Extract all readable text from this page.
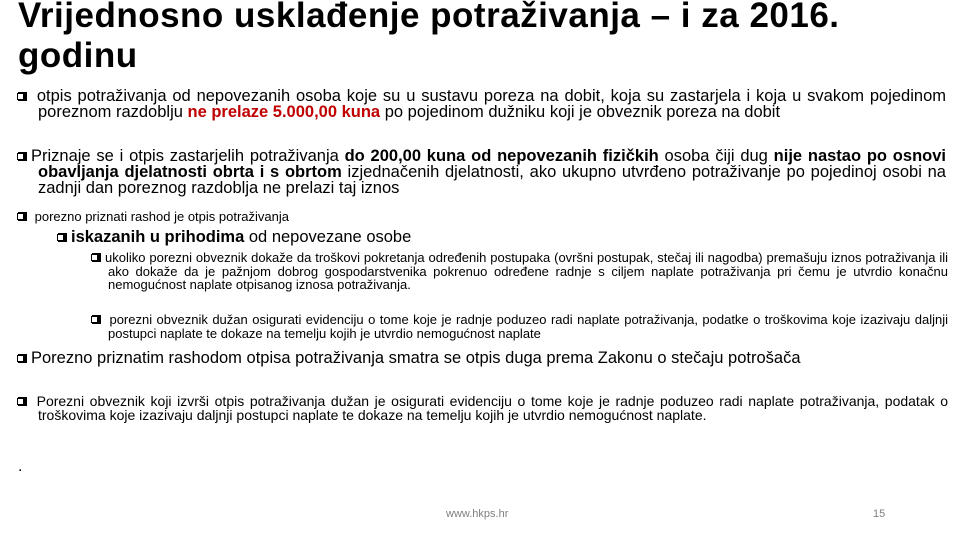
Vrijednosno usklađenje potraživanja – i za 2016. godinu
otpis potraživanja od nepovezanih osoba koje su u sustavu poreza na dobit, koja su zastarjela i koja u svakom pojedinom poreznom razdoblju ne prelaze 5.000,00 kuna po pojedinom dužniku koji je obveznik poreza na dobit
Priznaje se i otpis zastarjelih potraživanja do 200,00 kuna od nepovezanih fizičkih osoba čiji dug nije nastao po osnovi obavljanja djelatnosti obrta i s obrtom izjednačenih djelatnosti, ako ukupno utvrđeno potraživanje po pojedinoj osobi na zadnji dan poreznog razdoblja ne prelazi taj iznos
porezno priznati rashod je otpis potraživanja
iskazanih u prihodima od nepovezane osobe
ukoliko porezni obveznik dokaže da troškovi pokretanja određenih postupaka (ovršni postupak, stečaj ili nagodba) premašuju iznos potraživanja ili ako dokaže da je pažnjom dobrog gospodarstvenika pokrenuo određene radnje s ciljem naplate potraživanja pri čemu je utvrdio konačnu nemogućnost naplate otpisanog iznosa potraživanja.
porezni obveznik dužan osigurati evidenciju o tome koje je radnje poduzeo radi naplate potraživanja, podatke o troškovima koje izazivaju daljnji postupci naplate te dokaze na temelju kojih je utvrdio nemogućnost naplate
Porezno priznatim rashodom otpisa potraživanja smatra se otpis duga prema Zakonu o stečaju potrošača
Porezni obveznik koji izvrši otpis potraživanja dužan je osigurati evidenciju o tome koje je radnje poduzeo radi naplate potraživanja, podatak o troškovima koje izazivaju daljnji postupci naplate te dokaze na temelju kojih je utvrdio nemogućnost naplate.
.
www.hkps.hr	15
